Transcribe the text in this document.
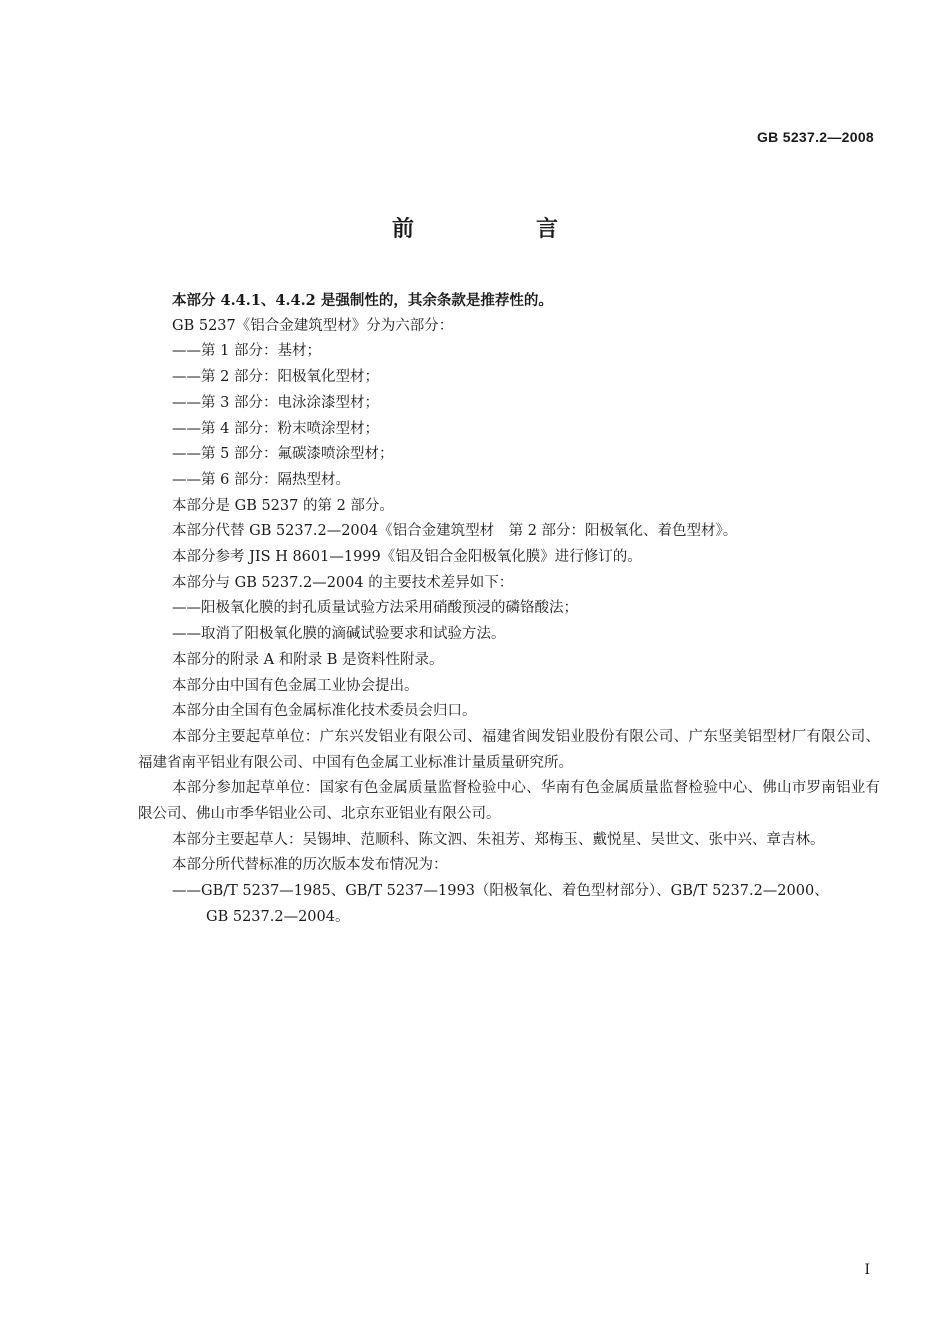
GB 5237.2—2008
前　言

本部分 4.4.1、4.4.2 是强制性的，其余条款是推荐性的。

GB 5237《铝合金建筑型材》分为六部分：

——第 1 部分：基材；

——第 2 部分：阳极氧化型材；

——第 3 部分：电泳涂漆型材；

——第 4 部分：粉末喷涂型材；

——第 5 部分：氟碳漆喷涂型材；

——第 6 部分：隔热型材。

本部分是 GB 5237 的第 2 部分。

本部分代替 GB 5237.2—2004《铝合金建筑型材　第 2 部分：阳极氧化、着色型材》。

本部分参考 JIS H 8601—1999《铝及铝合金阳极氧化膜》进行修订的。

本部分与 GB 5237.2—2004 的主要技术差异如下：

——阳极氧化膜的封孔质量试验方法采用硝酸预浸的磷铬酸法；

——取消了阳极氧化膜的滴碱试验要求和试验方法。

本部分的附录 A 和附录 B 是资料性附录。

本部分由中国有色金属工业协会提出。

本部分由全国有色金属标准化技术委员会归口。

本部分主要起草单位：广东兴发铝业有限公司、福建省闽发铝业股份有限公司、广东坚美铝型材厂有限公司、福建省南平铝业有限公司、中国有色金属工业标准计量质量研究所。

本部分参加起草单位：国家有色金属质量监督检验中心、华南有色金属质量监督检验中心、佛山市罗南铝业有限公司、佛山市季华铝业公司、北京东亚铝业有限公司。

本部分主要起草人：吴锡坤、范顺科、陈文泗、朱祖芳、郑梅玉、戴悦星、吴世文、张中兴、章吉林。

本部分所代替标准的历次版本发布情况为：

——GB/T 5237—1985、GB/T 5237—1993（阳极氧化、着色型材部分）、GB/T 5237.2—2000、
GB 5237.2—2004。
I
